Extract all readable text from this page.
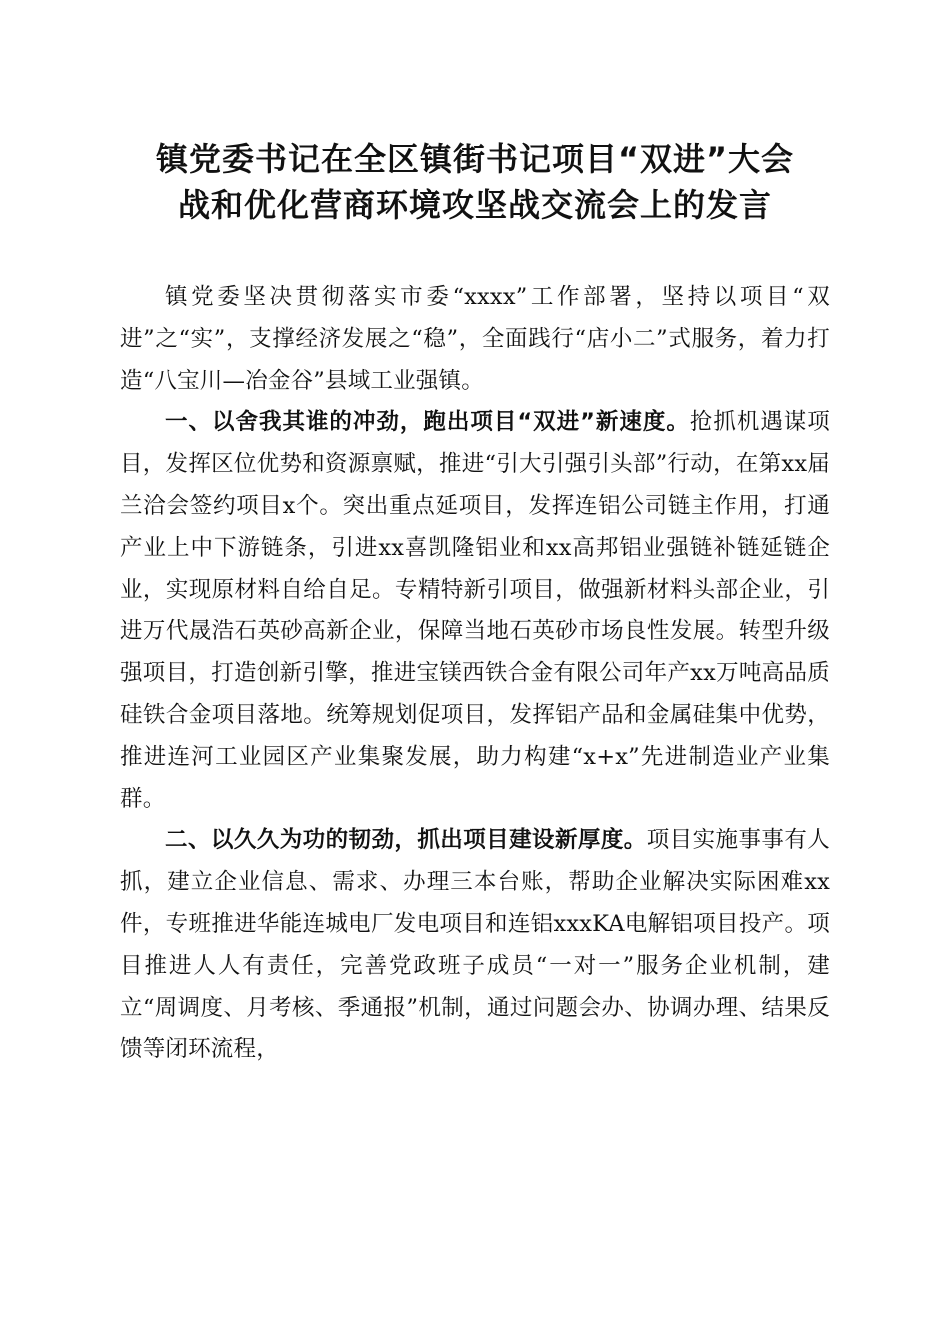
镇党委书记在全区镇街书记项目“双进”大会
战和优化营商环境攻坚战交流会上的发言

镇党委坚决贯彻落实市委“xxxx”工作部署，坚持以项目“双进”之“实”，支撑经济发展之“稳”，全面践行“店小二”式服务，着力打造“八宝川—冶金谷”县域工业强镇。

一、以舍我其谁的冲劲，跑出项目“双进”新速度。抢抓机遇谋项目，发挥区位优势和资源禀赋，推进“引大引强引头部”行动，在第xx届兰洽会签约项目x个。突出重点延项目，发挥连铝公司链主作用，打通产业上中下游链条，引进xx喜凯隆铝业和xx高邦铝业强链补链延链企业，实现原材料自给自足。专精特新引项目，做强新材料头部企业，引进万代晟浩石英砂高新企业，保障当地石英砂市场良性发展。转型升级强项目，打造创新引擎，推进宝镁西铁合金有限公司年产xx万吨高品质硅铁合金项目落地。统筹规划促项目，发挥铝产品和金属硅集中优势，推进连河工业园区产业集聚发展，助力构建“x+x”先进制造业产业集群。

二、以久久为功的韧劲，抓出项目建设新厚度。项目实施事事有人抓，建立企业信息、需求、办理三本台账，帮助企业解决实际困难xx件，专班推进华能连城电厂发电项目和连铝xxxKA电解铝项目投产。项目推进人人有责任，完善党政班子成员“一对一”服务企业机制，建立“周调度、月考核、季通报”机制，通过问题会办、协调办理、结果反馈等闭环流程，
